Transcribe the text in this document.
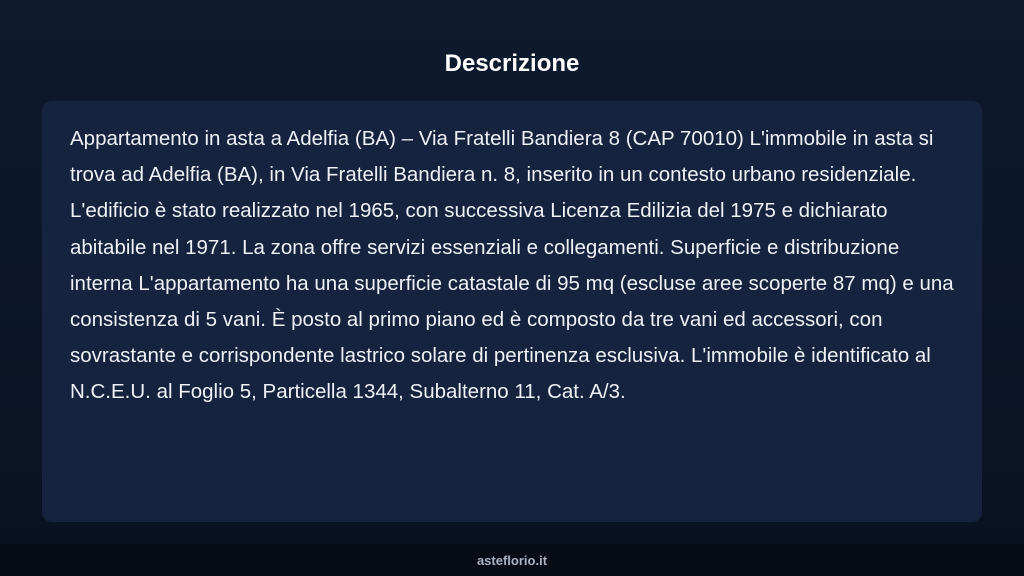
Descrizione

Appartamento in asta a Adelfia (BA) – Via Fratelli Bandiera 8 (CAP 70010) L'immobile in asta si trova ad Adelfia (BA), in Via Fratelli Bandiera n. 8, inserito in un contesto urbano residenziale. L'edificio è stato realizzato nel 1965, con successiva Licenza Edilizia del 1975 e dichiarato abitabile nel 1971. La zona offre servizi essenziali e collegamenti. Superficie e distribuzione interna L'appartamento ha una superficie catastale di 95 mq (escluse aree scoperte 87 mq) e una consistenza di 5 vani. È posto al primo piano ed è composto da tre vani ed accessori, con sovrastante e corrispondente lastrico solare di pertinenza esclusiva. L'immobile è identificato al N.C.E.U. al Foglio 5, Particella 1344, Subalterno 11, Cat. A/3.

asteflorio.it
